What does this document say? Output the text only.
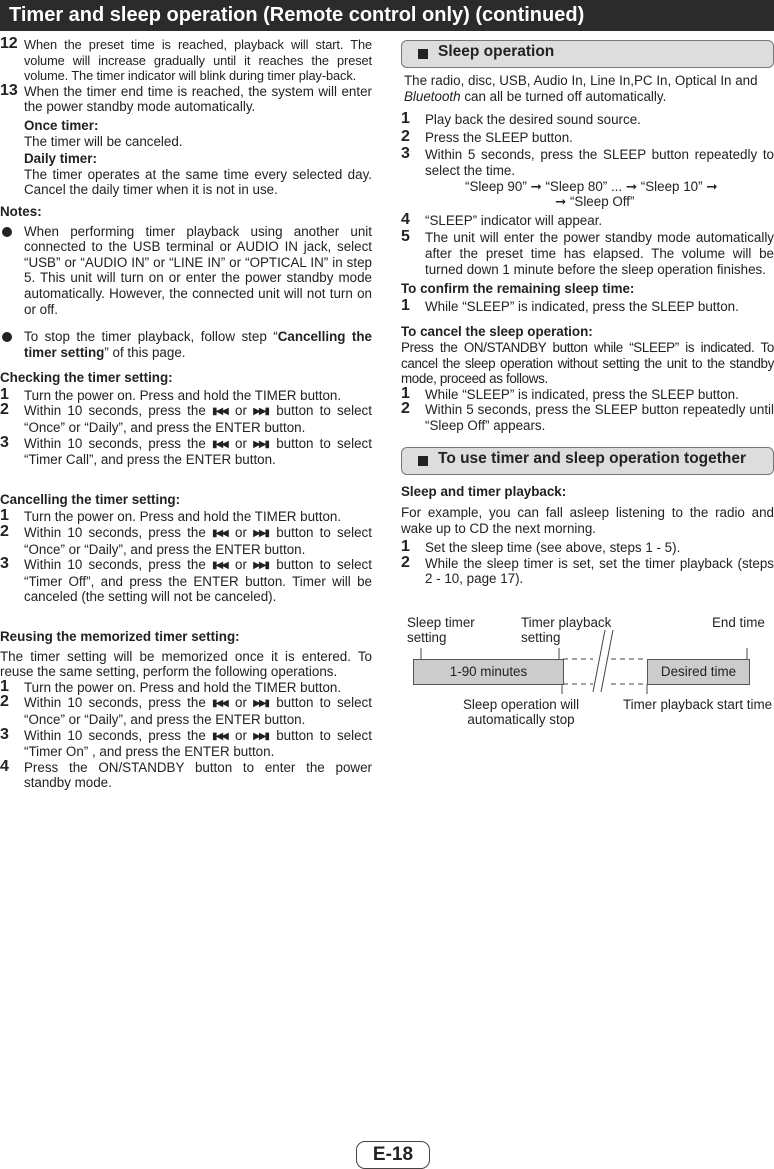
Timer and sleep operation (Remote control only) (continued)
12 When the preset time is reached, playback will start. The volume will increase gradually until it reaches the preset volume. The timer indicator will blink during timer play-back.
13 When the timer end time is reached, the system will enter the power standby mode automatically.
Once timer:
The timer will be canceled.
Daily timer:
The timer operates at the same time every selected day. Cancel the daily timer when it is not in use.
Notes:
When performing timer playback using another unit connected to the USB terminal or AUDIO IN jack, select “USB” or “AUDIO IN” or “LINE IN” or “OPTICAL IN” in step 5. This unit will turn on or enter the power standby mode automatically. However, the connected unit will not turn on or off.
To stop the timer playback, follow step “Cancelling the timer setting” of this page.
Checking the timer setting:
1 Turn the power on. Press and hold the TIMER button.
2 Within 10 seconds, press the ▮◀◀ or ▶▶▮ button to select “Once” or “Daily”, and press the ENTER button.
3 Within 10 seconds, press the ▮◀◀ or ▶▶▮ button to select “Timer Call”, and press the ENTER button.
Cancelling the timer setting:
1 Turn the power on. Press and hold the TIMER button.
2 Within 10 seconds, press the ▮◀◀ or ▶▶▮ button to select “Once” or “Daily”, and press the ENTER button.
3 Within 10 seconds, press the ▮◀◀ or ▶▶▮ button to select “Timer Off”, and press the ENTER button. Timer will be canceled (the setting will not be canceled).
Reusing the memorized timer setting:
The timer setting will be memorized once it is entered. To reuse the same setting, perform the following operations.
1 Turn the power on. Press and hold the TIMER button.
2 Within 10 seconds, press the ▮◀◀ or ▶▶▮ button to select “Once” or “Daily”, and press the ENTER button.
3 Within 10 seconds, press the ▮◀◀ or ▶▶▮ button to select “Timer On” , and press the ENTER button.
4 Press the ON/STANDBY button to enter the power standby mode.
Sleep operation
The radio, disc, USB, Audio In, Line In,PC In, Optical In and Bluetooth can all be turned off automatically.
1 Play back the desired sound source.
2 Press the SLEEP button.
3 Within 5 seconds, press the SLEEP button repeatedly to select the time.
“Sleep 90” ➞ “Sleep 80” ... ➞ “Sleep 10” ➞
➞ “Sleep Off”
4 “SLEEP” indicator will appear.
5 The unit will enter the power standby mode automatically after the preset time has elapsed. The volume will be turned down 1 minute before the sleep operation finishes.
To confirm the remaining sleep time:
1 While “SLEEP” is indicated, press the SLEEP button.
To cancel the sleep operation:
Press the ON/STANDBY button while “SLEEP” is indicated. To cancel the sleep operation without setting the unit to the standby mode, proceed as follows.
1 While “SLEEP” is indicated, press the SLEEP button.
2 Within 5 seconds, press the SLEEP button repeatedly until “Sleep Off” appears.
To use timer and sleep operation together
Sleep and timer playback:
For example, you can fall asleep listening to the radio and wake up to CD the next morning.
1 Set the sleep time (see above, steps 1 - 5).
2 While the sleep timer is set, set the timer playback (steps 2 - 10, page 17).
Sleep timer setting
Timer playback setting
End time
1-90 minutes	Desired time
Sleep operation will automatically stop
Timer playback start time
E-18
